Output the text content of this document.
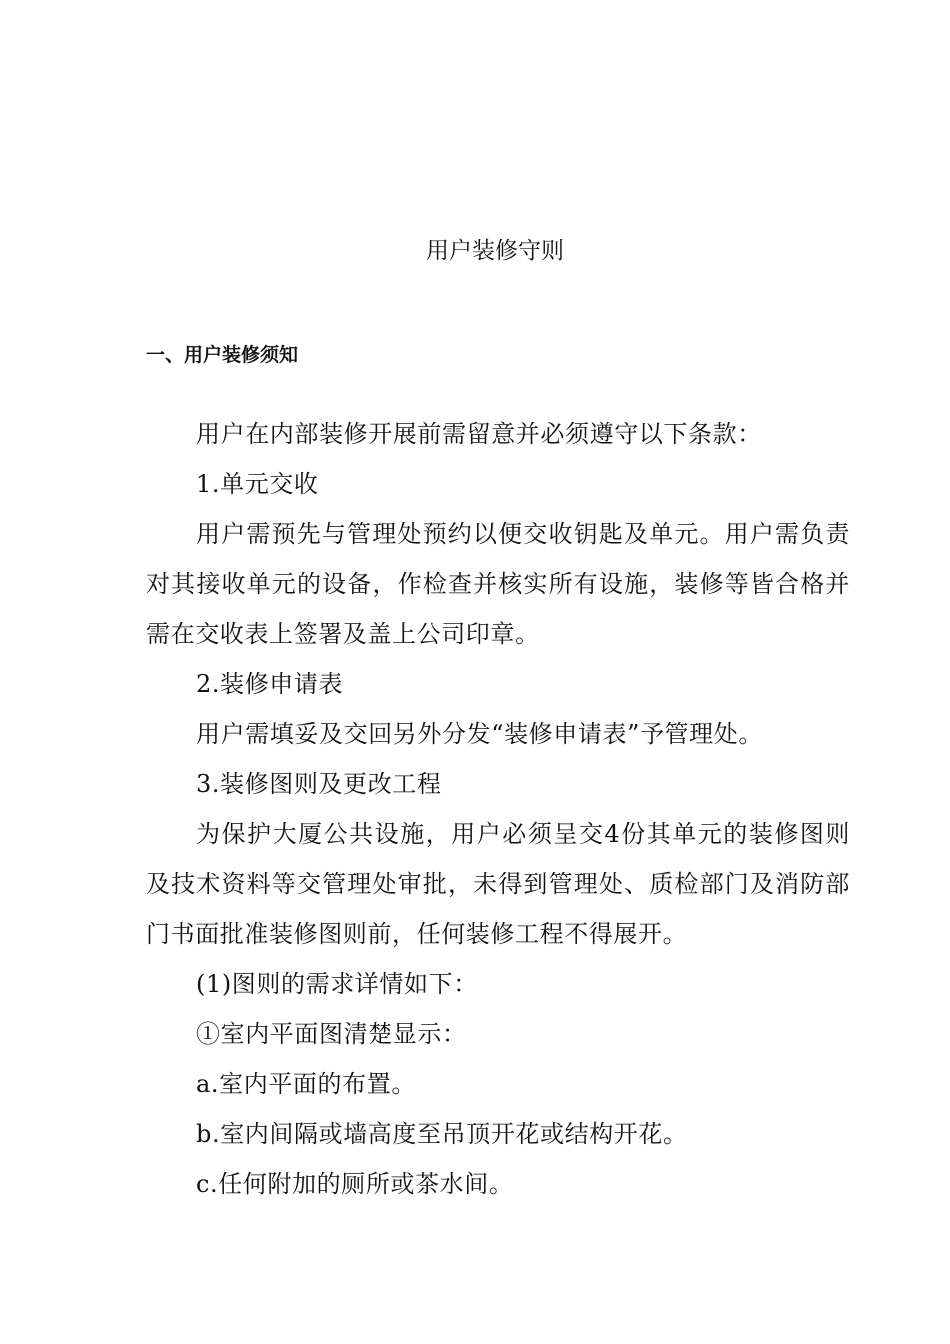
用户装修守则
一、用户装修须知

用户在内部装修开展前需留意并必须遵守以下条款：

1.单元交收

用户需预先与管理处预约以便交收钥匙及单元。用户需负责对其接收单元的设备，作检查并核实所有设施，装修等皆合格并需在交收表上签署及盖上公司印章。

2.装修申请表

用户需填妥及交回另外分发“装修申请表”予管理处。

3.装修图则及更改工程

为保护大厦公共设施，用户必须呈交4份其单元的装修图则及技术资料等交管理处审批，未得到管理处、质检部门及消防部门书面批准装修图则前，任何装修工程不得展开。

(1)图则的需求详情如下：

①室内平面图清楚显示：

a.室内平面的布置。

b.室内间隔或墙高度至吊顶开花或结构开花。

c.任何附加的厕所或茶水间。
